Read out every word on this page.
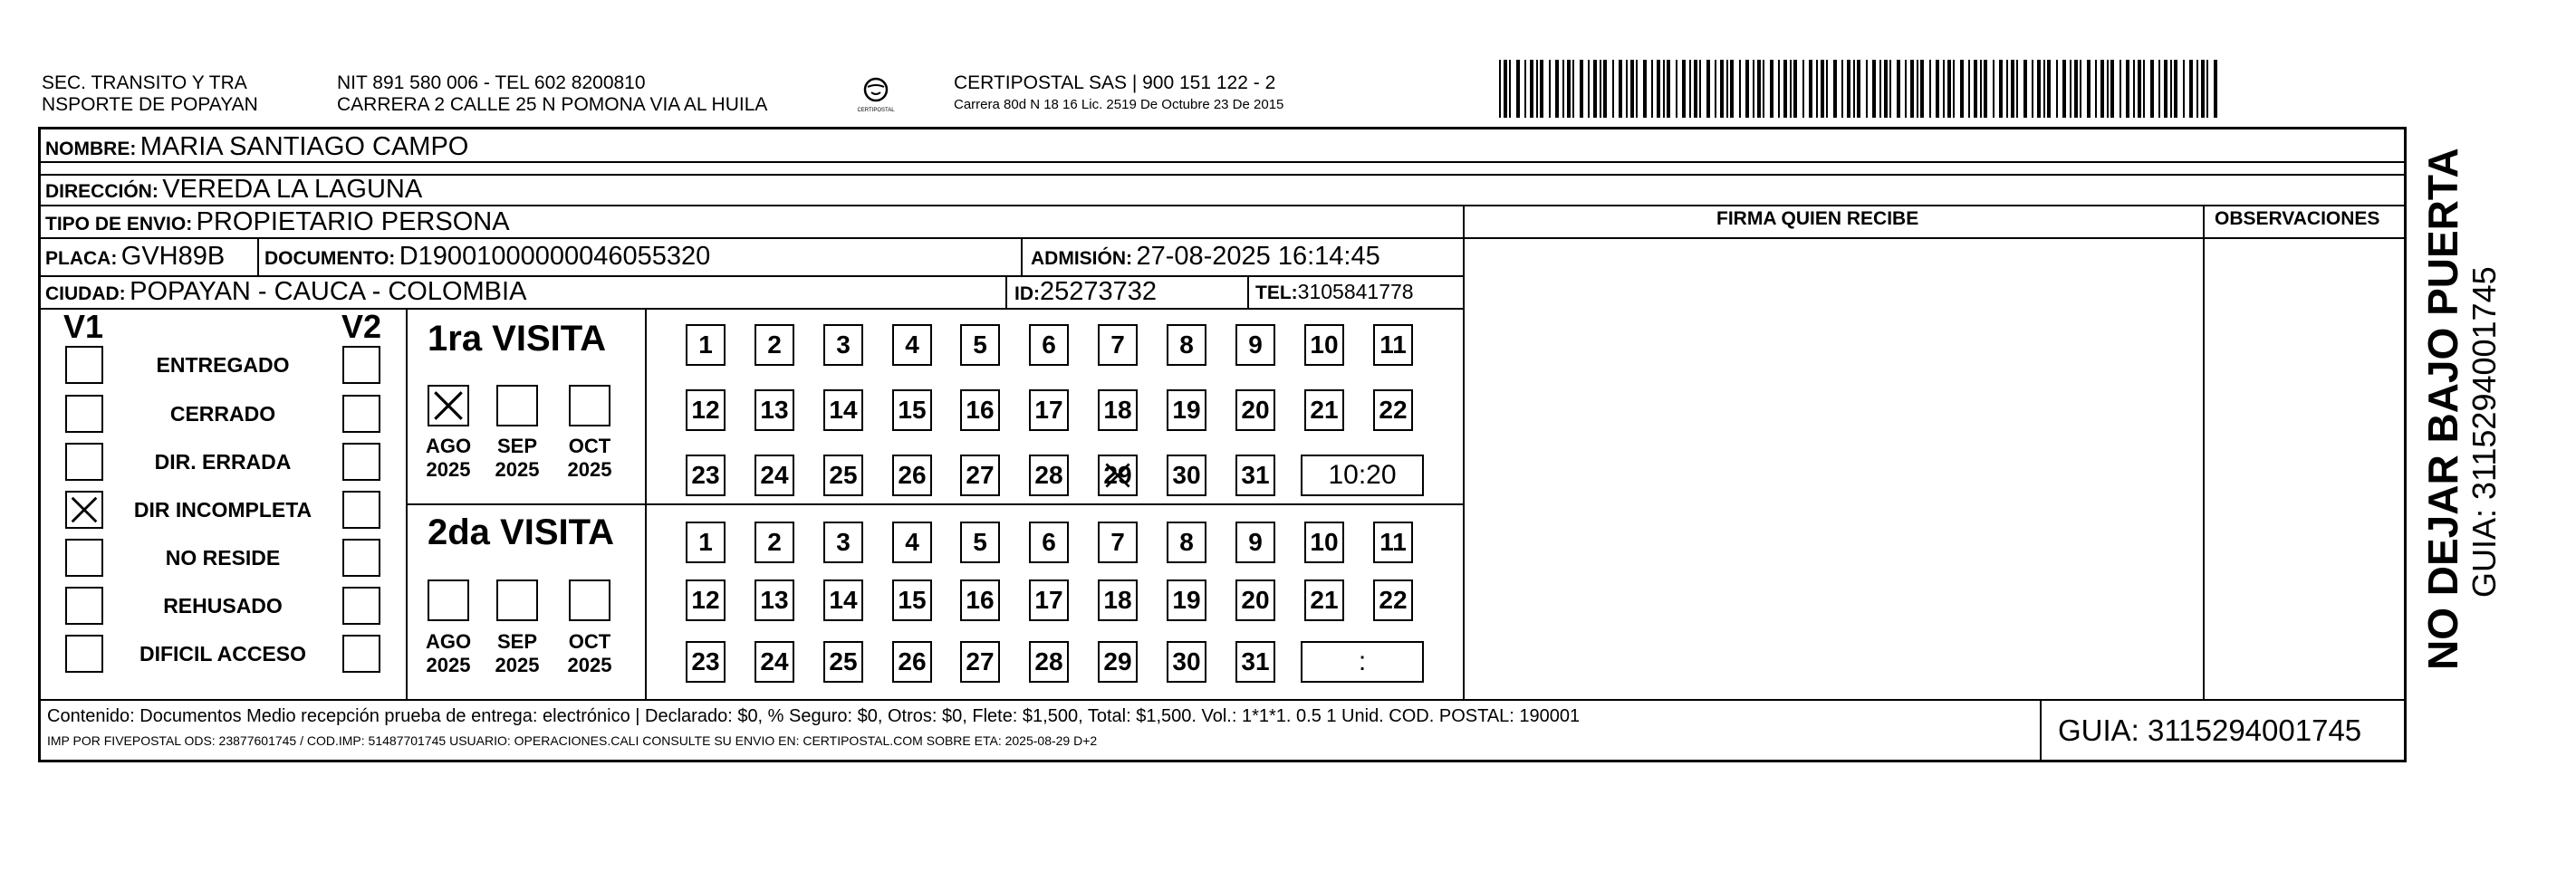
SEC. TRANSITO Y TRA
NSPORTE DE POPAYAN
NIT 891 580 006 - TEL 602 8200810
CARRERA 2 CALLE 25 N POMONA VIA AL HUILA	CERTIPOSTAL
CERTIPOSTAL SAS | 900 151 122 - 2
Carrera 80d N 18 16 Lic. 2519 De Octubre 23 De 2015
NOMBRE: MARIA SANTIAGO CAMPO
DIRECCIÓN: VEREDA LA LAGUNA
TIPO DE ENVIO: PROPIETARIO PERSONA
PLACA: GVH89B DOCUMENTO: D19001000000046055320	ADMISIÓN: 27-08-2025 16:14:45
CIUDAD: POPAYAN - CAUCA - COLOMBIA	ID:25273732	TEL:3105841778
FIRMA QUIEN RECIBE	OBSERVACIONES
V1	V2
ENTREGADO
CERRADO
DIR. ERRADA
DIR INCOMPLETA
NO RESIDE
REHUSADO
DIFICIL ACCESO
1ra VISITA
AGO
2025
SEP
2025
OCT
2025
1	2	3	4	5	6	7	8	9	10 11
12 13 14 15 16 17 18 19 20 21 22
23 24 25 26 27 28 29 30 31	10:20
2da VISITA
AGO
2025
SEP
2025
OCT
2025
1	2	3	4	5	6	7	8	9	10 11
12 13 14 15 16 17 18 19 20 21 22
23 24 25 26 27 28 29 30 31	:
Contenido: Documentos Medio recepción prueba de entrega: electrónico | Declarado: $0, % Seguro: $0, Otros: $0, Flete: $1,500, Total: $1,500. Vol.: 1*1*1. 0.5 1 Unid. COD. POSTAL: 190001
IMP POR FIVEPOSTAL ODS: 23877601745 / COD.IMP: 51487701745 USUARIO: OPERACIONES.CALI CONSULTE SU ENVIO EN: CERTIPOSTAL.COM SOBRE ETA: 2025-08-29 D+2	GUIA: 3115294001745
NO DEJAR BAJO PUERTA GUIA: 3115294001745
